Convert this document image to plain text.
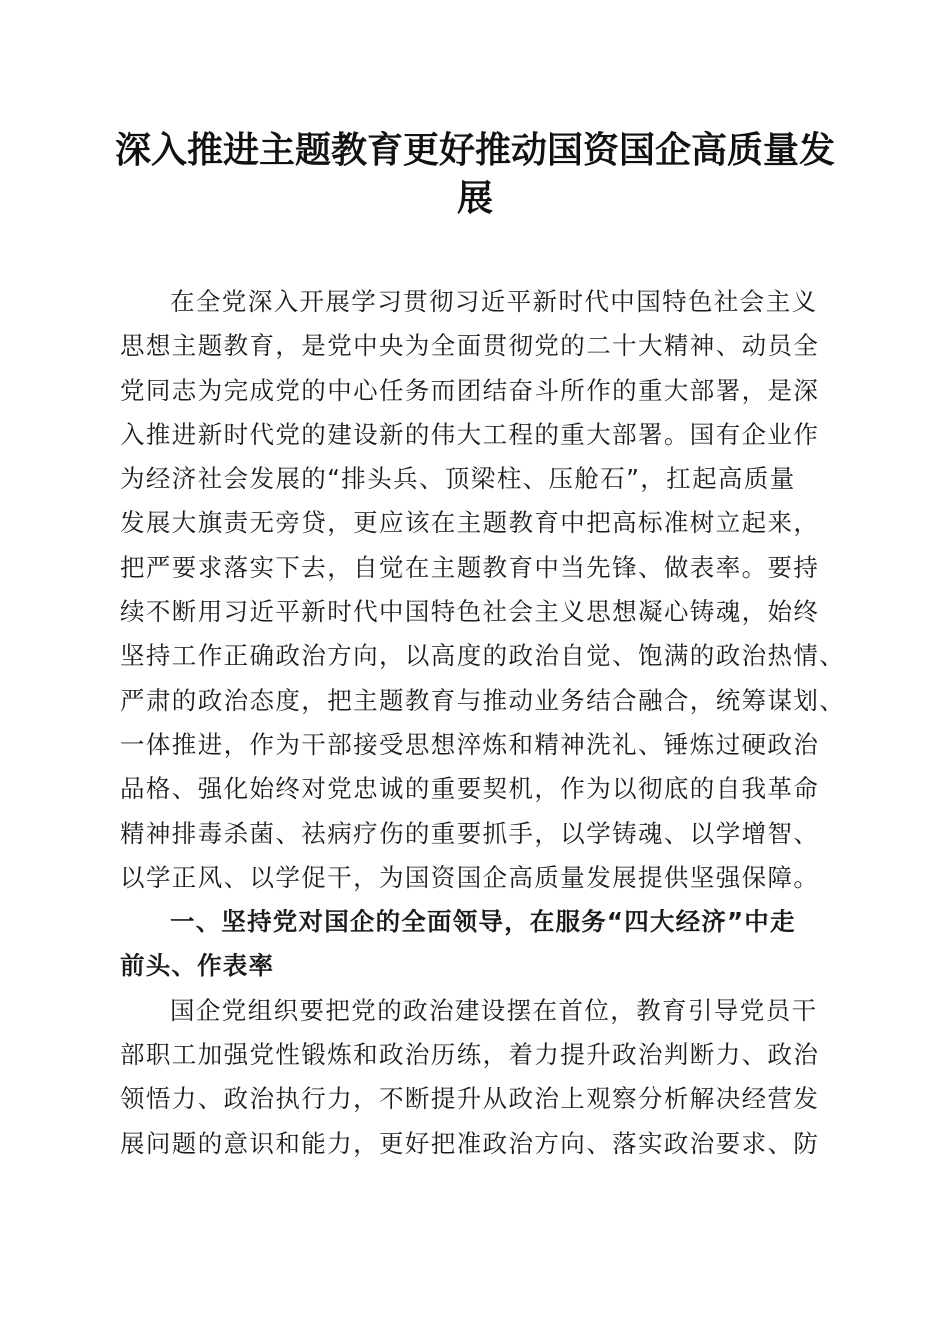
深入推进主题教育更好推动国资国企高质量发
展

在全党深入开展学习贯彻习近平新时代中国特色社会主义
思想主题教育，是党中央为全面贯彻党的二十大精神、动员全
党同志为完成党的中心任务而团结奋斗所作的重大部署，是深
入推进新时代党的建设新的伟大工程的重大部署。国有企业作
为经济社会发展的“排头兵、顶梁柱、压舱石”，扛起高质量
发展大旗责无旁贷，更应该在主题教育中把高标准树立起来，
把严要求落实下去，自觉在主题教育中当先锋、做表率。要持
续不断用习近平新时代中国特色社会主义思想凝心铸魂，始终
坚持工作正确政治方向，以高度的政治自觉、饱满的政治热情、
严肃的政治态度，把主题教育与推动业务结合融合，统筹谋划、
一体推进，作为干部接受思想淬炼和精神洗礼、锤炼过硬政治
品格、强化始终对党忠诚的重要契机，作为以彻底的自我革命
精神排毒杀菌、祛病疗伤的重要抓手，以学铸魂、以学增智、
以学正风、以学促干，为国资国企高质量发展提供坚强保障。

一、坚持党对国企的全面领导，在服务“四大经济”中走
前头、作表率

国企党组织要把党的政治建设摆在首位，教育引导党员干
部职工加强党性锻炼和政治历练，着力提升政治判断力、政治
领悟力、政治执行力，不断提升从政治上观察分析解决经营发
展问题的意识和能力，更好把准政治方向、落实政治要求、防
